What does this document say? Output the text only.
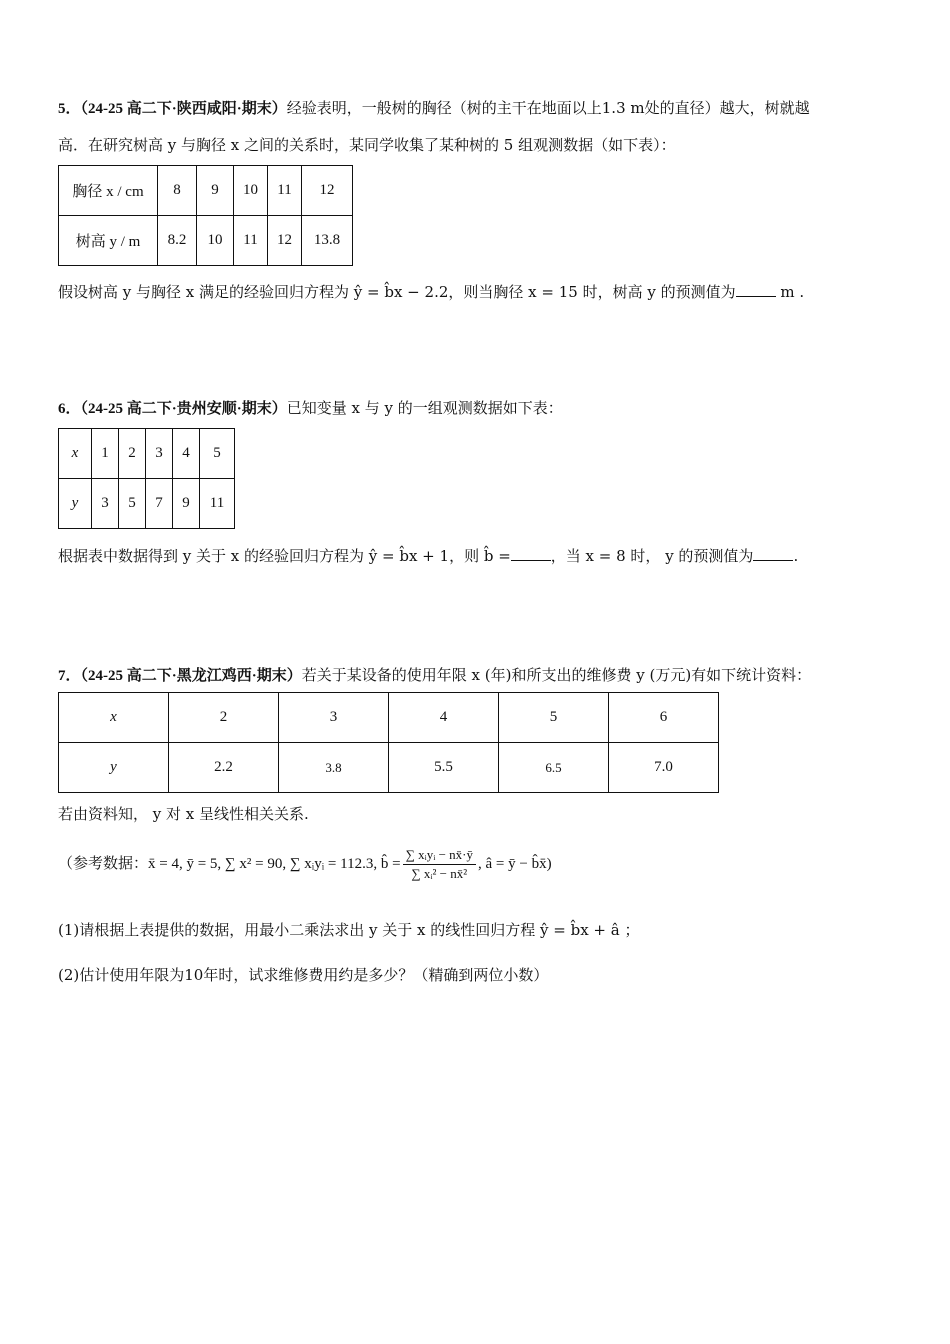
5．（24-25 高二下·陕西咸阳·期末）经验表明，一般树的胸径（树的主干在地面以上1.3 m处的直径）越大，树就越
高．在研究树高 y 与胸径 x 之间的关系时，某同学收集了某种树的 5 组观测数据（如下表）：
胸径 x / cm	8	9	10	11	12
树高 y / m	8.2	10	11	12	13.8
假设树高 y 与胸径 x 满足的经验回归方程为 ŷ = b̂x − 2.2，则当胸径 x = 15 时，树高 y 的预测值为	m .
6．（24-25 高二下·贵州安顺·期末）已知变量 x 与 y 的一组观测数据如下表：
x	1	2	3	4	5
y	3	5	7	9	11
根据表中数据得到 y 关于 x 的经验回归方程为 ŷ = b̂x + 1，则 b̂ =	，当 x = 8 时， y 的预测值为	.
7．（24-25 高二下·黑龙江鸡西·期末）若关于某设备的使用年限 x (年)和所支出的维修费 y (万元)有如下统计资料：
x	2	3	4	5	6
y	2.2	3.8	5.5	6.5	7.0
若由资料知， y 对 x 呈线性相关关系.
（参考数据：x̄ = 4, ȳ = 5, ∑ x² = 90, ∑ xᵢyᵢ = 112.3, b̂ = $\frac{\text{∑ xᵢyᵢ − nx̄·ȳ}}{\text{∑ xᵢ² − nx̄²}}$ , â = ȳ − b̂x̄)
(1)请根据上表提供的数据，用最小二乘法求出 y 关于 x 的线性回归方程 ŷ = b̂x + â ；
(2)估计使用年限为10年时，试求维修费用约是多少？（精确到两位小数）
